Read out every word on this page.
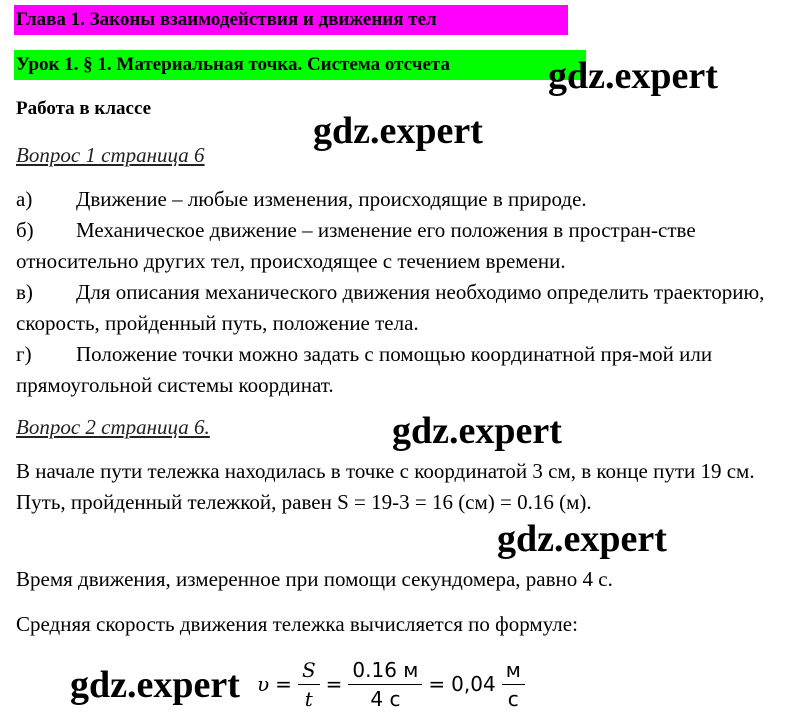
Глава 1. Законы взаимодействия и движения тел
Урок 1. § 1. Материальная точка. Система отсчета
Работа в классе
Вопрос 1 страница 6
а) Движение – любые изменения, происходящие в природе.
б) Механическое движение – изменение его положения в простран-стве относительно других тел, происходящее с течением времени.
в) Для описания механического движения необходимо определить траекторию, скорость, пройденный путь, положение тела.
г) Положение точки можно задать с помощью координатной пря-мой или прямоугольной системы координат.
Вопрос 2 страница 6.
В начале пути тележка находилась в точке с координатой 3 см, в конце пути 19 см. Путь, пройденный тележкой, равен S = 19-3 = 16 (см) = 0.16 (м).
Время движения, измеренное при помощи секундомера, равно 4 с.
Средняя скорость движения тележка вычисляется по формуле:
$\upsilon = \frac{S}{t} = \frac{0.16 м}{4 с} = 0,04 \frac{м}{с}$
gdz.expert
gdz.expert
gdz.expert
gdz.expert
gdz.expert
